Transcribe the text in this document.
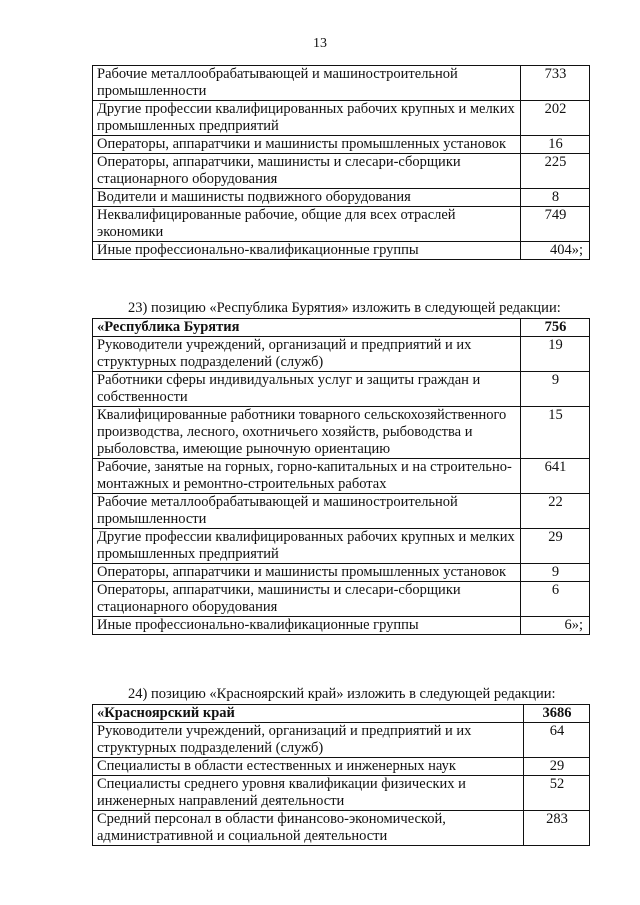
13
Рабочие металлообрабатывающей и машиностроительной промышленности	733
Другие профессии квалифицированных рабочих крупных и мелких промышленных предприятий	202
Операторы, аппаратчики и машинисты промышленных установок	16
Операторы, аппаратчики, машинисты и слесари-сборщики стационарного оборудования	225
Водители и машинисты подвижного оборудования	8
Неквалифицированные рабочие, общие для всех отраслей экономики	749
Иные профессионально-квалификационные группы	404»;
23) позицию «Республика Бурятия» изложить в следующей редакции:
«Республика Бурятия	756
Руководители учреждений, организаций и предприятий и их структурных подразделений (служб)	19
Работники сферы индивидуальных услуг и защиты граждан и собственности	9
Квалифицированные работники товарного сельскохозяйственного производства, лесного, охотничьего хозяйств, рыбоводства и рыболовства, имеющие рыночную ориентацию	15
Рабочие, занятые на горных, горно-капитальных и на строительно-монтажных и ремонтно-строительных работах	641
Рабочие металлообрабатывающей и машиностроительной промышленности	22
Другие профессии квалифицированных рабочих крупных и мелких промышленных предприятий	29
Операторы, аппаратчики и машинисты промышленных установок	9
Операторы, аппаратчики, машинисты и слесари-сборщики стационарного оборудования	6
Иные профессионально-квалификационные группы	6»;
24) позицию «Красноярский край» изложить в следующей редакции:
«Красноярский край	3686
Руководители учреждений, организаций и предприятий и их структурных подразделений (служб)	64
Специалисты в области естественных и инженерных наук	29
Специалисты среднего уровня квалификации физических и инженерных направлений деятельности	52
Средний персонал в области финансово-экономической, административной и социальной деятельности	283
